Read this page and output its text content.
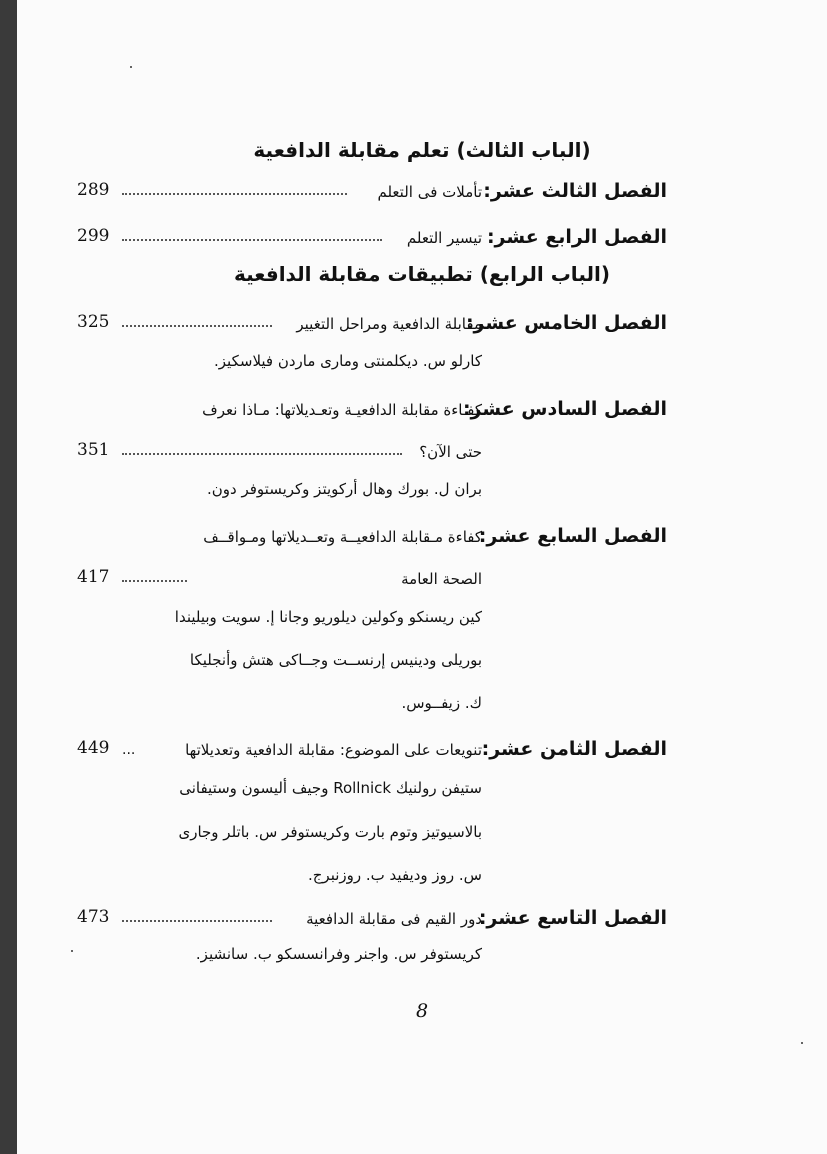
(الباب الثالث) تعلم مقابلة الدافعية
الفصل الثالث عشر:
تأملات فى التعلم
289
الفصل الرابع عشر:
تيسير التعلم
299
(الباب الرابع) تطبيقات مقابلة الدافعية
الفصل الخامس عشر:
مقابلة الدافعية ومراحل التغيير
325
كارلو س. ديكلمنتى ومارى ماردن فيلاسكيز.
الفصل السادس عشر:
كفـاءة مقابلة الدافعيـة وتعـديلاتها: مـاذا نعرف
حتى الآن؟
351
بران ل. بورك وهال أركويتز وكريستوفر دون.
الفصل السابع عشر:
كفاءة مـقابلة الدافعيــة وتعــديلاتها ومـواقــف
الصحة العامة
417
كين ريسنكو وكولين ديلوريو وجانا إ. سويت وبيليندا
بوريلى ودينيس إرنســت وجــاكى هتش وأنجليكا
ك. زيفــوس.
الفصل الثامن عشر:
تنويعات على الموضوع: مقابلة الدافعية وتعديلاتها
449 ...
ستيفن رولنيك Rollnick وجيف أليسون وستيفانى
بالاسيوتيز وتوم بارت وكريستوفر س. باتلر وجارى
س. روز وديفيد ب. روزنبرج.
الفصل التاسع عشر:
دور القيم فى مقابلة الدافعية
473
كريستوفر س. واجنر وفرانسسكو ب. سانشيز.
8
